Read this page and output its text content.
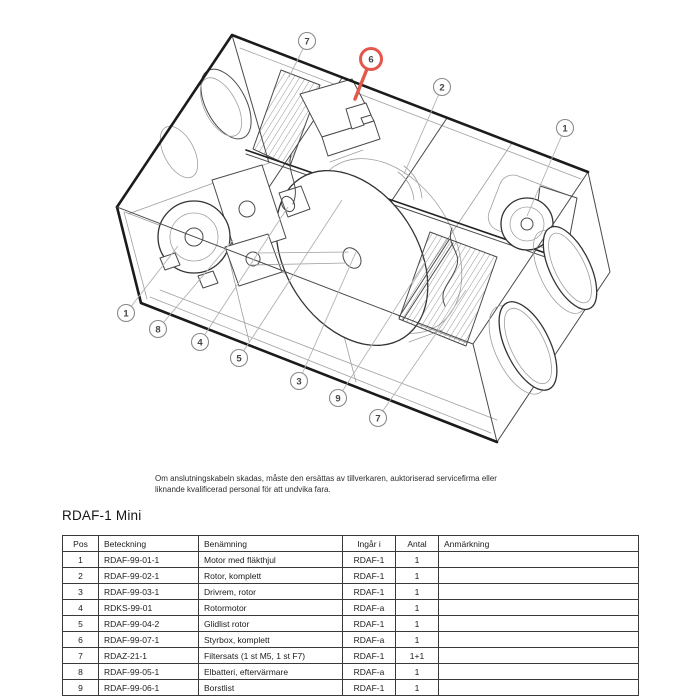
7
6
2
1
1
8
4
5
3
9
7
Om anslutningskabeln skadas, måste den ersättas av tillverkaren, auktoriserad servicefirma eller
liknande kvalificerad personal för att undvika fara.
RDAF-1 Mini
Pos	Beteckning	Benämning	Ingår i	Antal	Anmärkning
1	RDAF-99-01-1	Motor med fläkthjul	RDAF-1	1	
2	RDAF-99-02-1	Rotor, komplett	RDAF-1	1	
3	RDAF-99-03-1	Drivrem, rotor	RDAF-1	1	
4	RDKS-99-01	Rotormotor	RDAF-a	1	
5	RDAF-99-04-2	Glidlist rotor	RDAF-1	1	
6	RDAF-99-07-1	Styrbox, komplett	RDAF-a	1	
7	RDAZ-21-1	Filtersats (1 st M5, 1 st F7)	RDAF-1	1+1	
8	RDAF-99-05-1	Elbatteri, eftervärmare	RDAF-a	1	
9	RDAF-99-06-1	Borstlist	RDAF-1	1	
